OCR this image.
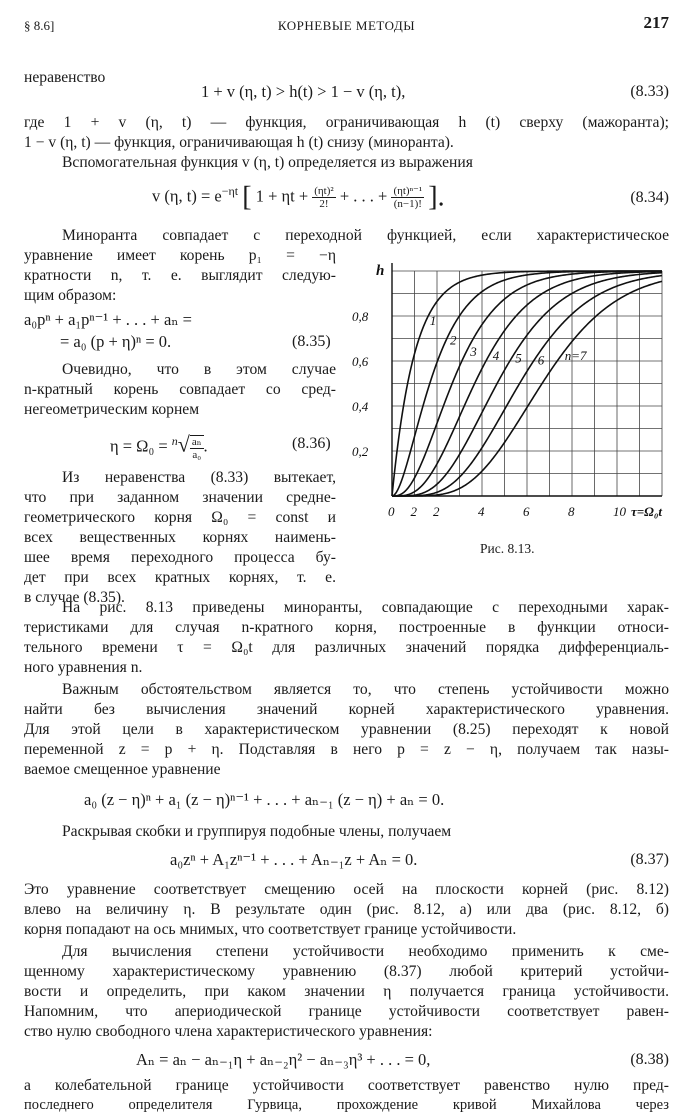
§ 8.6]	КОРНЕВЫЕ МЕТОДЫ	217
неравенство
1 + v (η, t) > h(t) > 1 − v (η, t),	(8.33)
где 1 + v (η, t) — функция, ограничивающая h (t) сверху (мажоранта);
1 − v (η, t) — функция, ограничивающая h (t) снизу (миноранта).
Вспомогательная функция v (η, t) определяется из выражения
v (η, $t) = e^{-\eta t}$ [ $1 + \eta t + \frac{\text{(ηt)²}}{2!}$ + . . . + $\frac{\text{(ηt)ⁿ⁻¹}}{(n-1)!}$ ].	(8.34)
Миноранта совпадает с переходной функцией, если характеристическое
уравнение имеет корень p₁ = −η
кратности n, т. е. выглядит следую-
щим образом:
a₀pⁿ + a₁pⁿ⁻¹ + . . . + aₙ =
= a₀ (p + η)ⁿ = 0.	(8.35)
Очевидно, что в этом случае
n-кратный корень совпадает со сред-
негеометрическим корнем
$\eta = \Omega_0 = ^n√ \frac{\text{aₙ}}{\text{a₀}}$ .	(8.36)
Из неравенства (8.33) вытекает,
что при заданном значении средне-
геометрического корня Ω₀ = const и
всех вещественных корнях наимень-
шее время переходного процесса бу-
дет при всех кратных корнях, т. е.
в случае (8.35).
1
2
3 4 5 6 n=7
0,2
0,4
0,6
0,8
h
0 2 2	4	6	8	10 τ=Ω₀t
Рис. 8.13.
На рис. 8.13 приведены миноранты, совпадающие с переходными харак-
теристиками для случая n-кратного корня, построенные в функции относи-
тельного времени τ = Ω₀t для различных значений порядка дифференциаль-
ного уравнения n.
Важным обстоятельством является то, что степень устойчивости можно
найти без вычисления значений корней характеристического уравнения.
Для этой цели в характеристическом уравнении (8.25) переходят к новой
переменной z = p + η. Подставляя в него p = z − η, получаем так назы-
ваемое смещенное уравнение
a₀ (z − η)ⁿ + a₁ (z − η)ⁿ⁻¹ + . . . + aₙ₋₁ (z − η) + aₙ = 0.
Раскрывая скобки и группируя подобные члены, получаем
a₀zⁿ + A₁zⁿ⁻¹ + . . . + Aₙ₋₁z + Aₙ = 0.	(8.37)
Это уравнение соответствует смещению осей на плоскости корней (рис. 8.12)
влево на величину η. В результате один (рис. 8.12, а) или два (рис. 8.12, б)
корня попадают на ось мнимых, что соответствует границе устойчивости.
Для вычисления степени устойчивости необходимо применить к сме-
щенному характеристическому уравнению (8.37) любой критерий устойчи-
вости и определить, при каком значении η получается граница устойчивости.
Напомним, что апериодической границе устойчивости соответствует равен-
ство нулю свободного члена характеристического уравнения:
Aₙ = aₙ − aₙ₋₁η + aₙ₋₂η² − aₙ₋₃η³ + . . . = 0,	(8.38)
а колебательной границе устойчивости соответствует равенство нулю пред-
последнего определителя Гурвица, прохождение кривой Михайлова через
